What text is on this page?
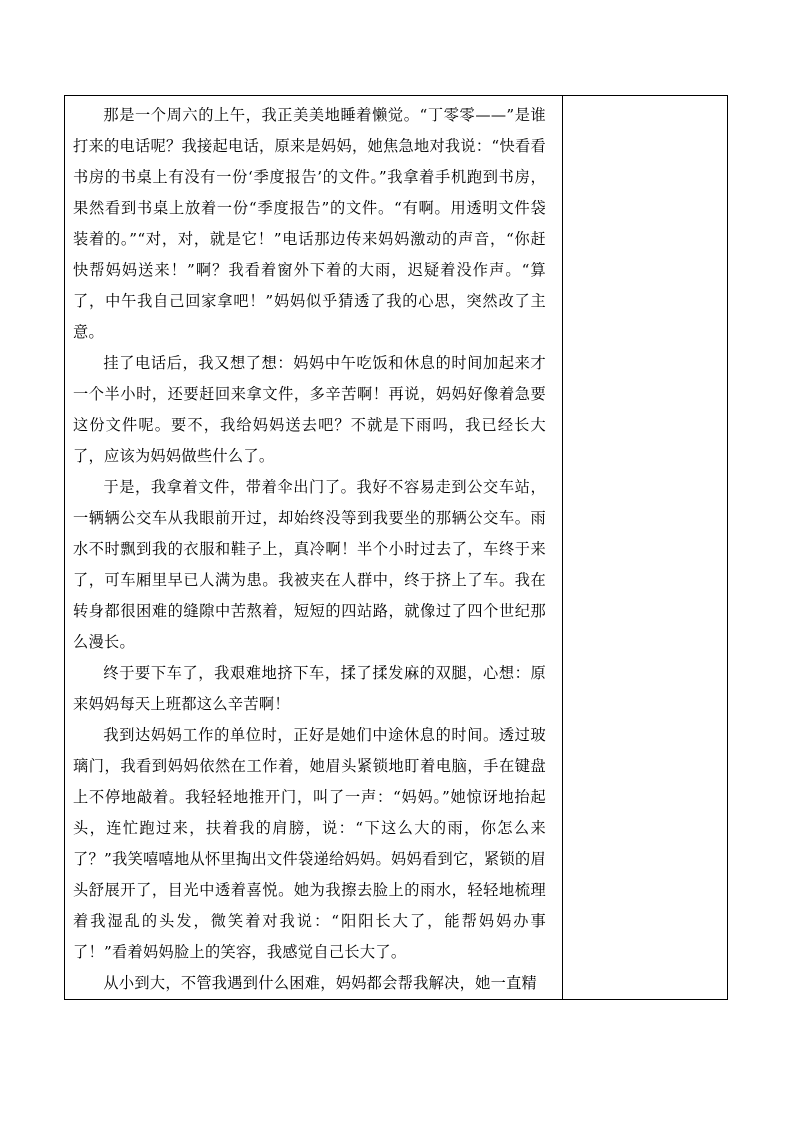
那是一个周六的上午，我正美美地睡着懒觉。“丁零零——”是谁打来的电话呢？我接起电话，原来是妈妈，她焦急地对我说：“快看看书房的书桌上有没有一份‘季度报告’的文件。”我拿着手机跑到书房，果然看到书桌上放着一份“季度报告”的文件。“有啊。用透明文件袋装着的。”“对，对，就是它！”电话那边传来妈妈激动的声音，“你赶快帮妈妈送来！”啊？我看着窗外下着的大雨，迟疑着没作声。“算了，中午我自己回家拿吧！”妈妈似乎猜透了我的心思，突然改了主意。

挂了电话后，我又想了想：妈妈中午吃饭和休息的时间加起来才一个半小时，还要赶回来拿文件，多辛苦啊！再说，妈妈好像着急要这份文件呢。要不，我给妈妈送去吧？不就是下雨吗，我已经长大了，应该为妈妈做些什么了。

于是，我拿着文件，带着伞出门了。我好不容易走到公交车站，一辆辆公交车从我眼前开过，却始终没等到我要坐的那辆公交车。雨水不时飘到我的衣服和鞋子上，真冷啊！半个小时过去了，车终于来了，可车厢里早已人满为患。我被夹在人群中，终于挤上了车。我在转身都很困难的缝隙中苦熬着，短短的四站路，就像过了四个世纪那么漫长。

终于要下车了，我艰难地挤下车，揉了揉发麻的双腿，心想：原来妈妈每天上班都这么辛苦啊！

我到达妈妈工作的单位时，正好是她们中途休息的时间。透过玻璃门，我看到妈妈依然在工作着，她眉头紧锁地盯着电脑，手在键盘上不停地敲着。我轻轻地推开门，叫了一声：“妈妈。”她惊讶地抬起头，连忙跑过来，扶着我的肩膀，说：“下这么大的雨，你怎么来了？”我笑嘻嘻地从怀里掏出文件袋递给妈妈。妈妈看到它，紧锁的眉头舒展开了，目光中透着喜悦。她为我擦去脸上的雨水，轻轻地梳理着我湿乱的头发，微笑着对我说：“阳阳长大了，能帮妈妈办事了！”看着妈妈脸上的笑容，我感觉自己长大了。

从小到大，不管我遇到什么困难，妈妈都会帮我解决，她一直精
